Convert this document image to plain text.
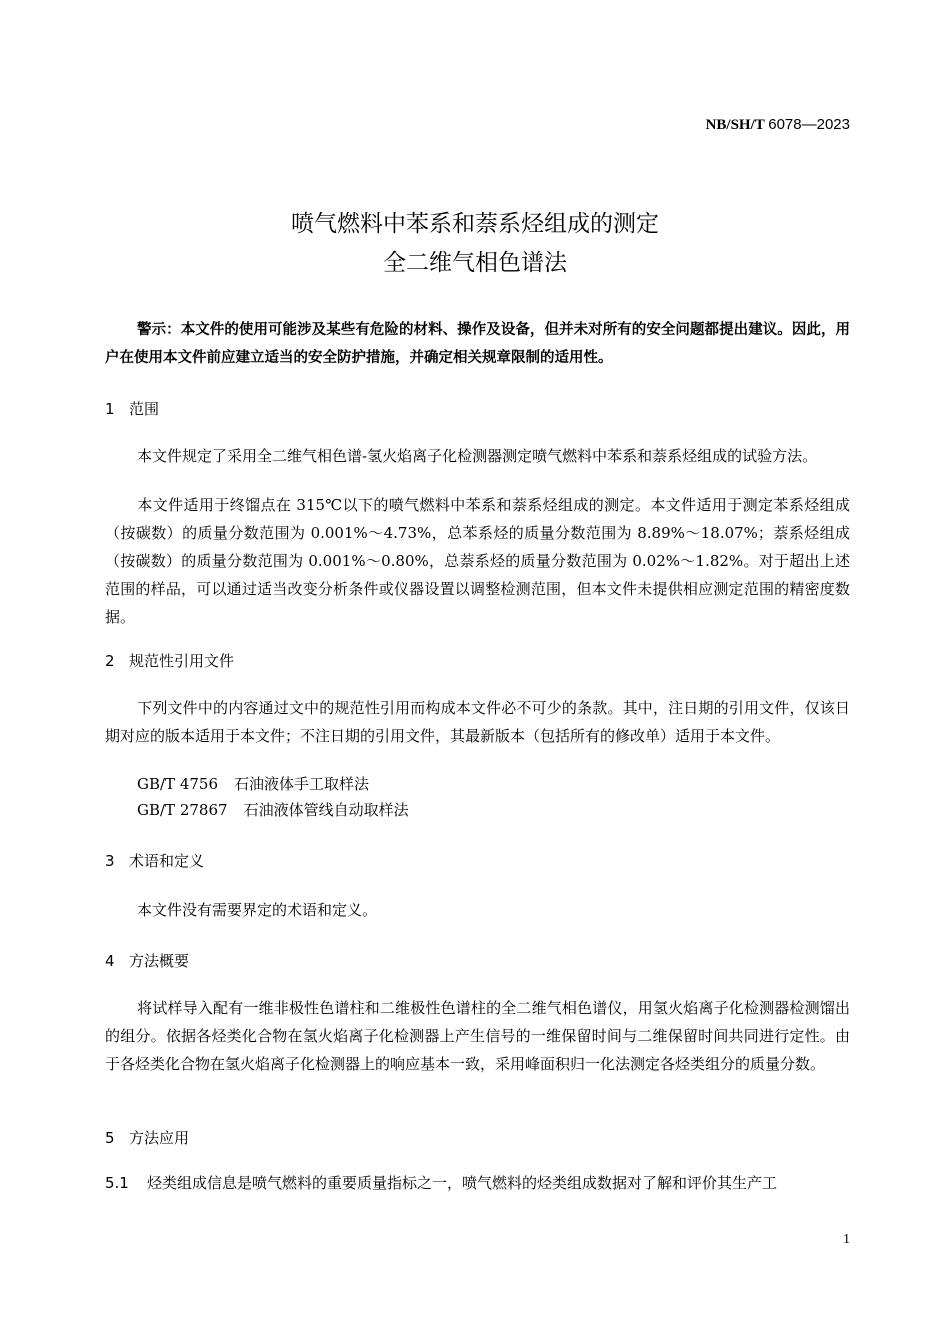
NB/SH/T 6078—2023
喷气燃料中苯系和萘系烃组成的测定
全二维气相色谱法
警示：本文件的使用可能涉及某些有危险的材料、操作及设备，但并未对所有的安全问题都提出建议。因此，用户在使用本文件前应建立适当的安全防护措施，并确定相关规章限制的适用性。
1 范围
本文件规定了采用全二维气相色谱-氢火焰离子化检测器测定喷气燃料中苯系和萘系烃组成的试验方法。
本文件适用于终馏点在 315℃以下的喷气燃料中苯系和萘系烃组成的测定。本文件适用于测定苯系烃组成（按碳数）的质量分数范围为 0.001%～4.73%，总苯系烃的质量分数范围为 8.89%～18.07%；萘系烃组成（按碳数）的质量分数范围为 0.001%～0.80%，总萘系烃的质量分数范围为 0.02%～1.82%。对于超出上述范围的样品，可以通过适当改变分析条件或仪器设置以调整检测范围，但本文件未提供相应测定范围的精密度数据。
2 规范性引用文件
下列文件中的内容通过文中的规范性引用而构成本文件必不可少的条款。其中，注日期的引用文件，仅该日期对应的版本适用于本文件；不注日期的引用文件，其最新版本（包括所有的修改单）适用于本文件。
GB/T 4756 石油液体手工取样法
GB/T 27867 石油液体管线自动取样法
3 术语和定义
本文件没有需要界定的术语和定义。
4 方法概要
将试样导入配有一维非极性色谱柱和二维极性色谱柱的全二维气相色谱仪，用氢火焰离子化检测器检测馏出的组分。依据各烃类化合物在氢火焰离子化检测器上产生信号的一维保留时间与二维保留时间共同进行定性。由于各烃类化合物在氢火焰离子化检测器上的响应基本一致，采用峰面积归一化法测定各烃类组分的质量分数。
5 方法应用
5.1 烃类组成信息是喷气燃料的重要质量指标之一，喷气燃料的烃类组成数据对了解和评价其生产工
1
